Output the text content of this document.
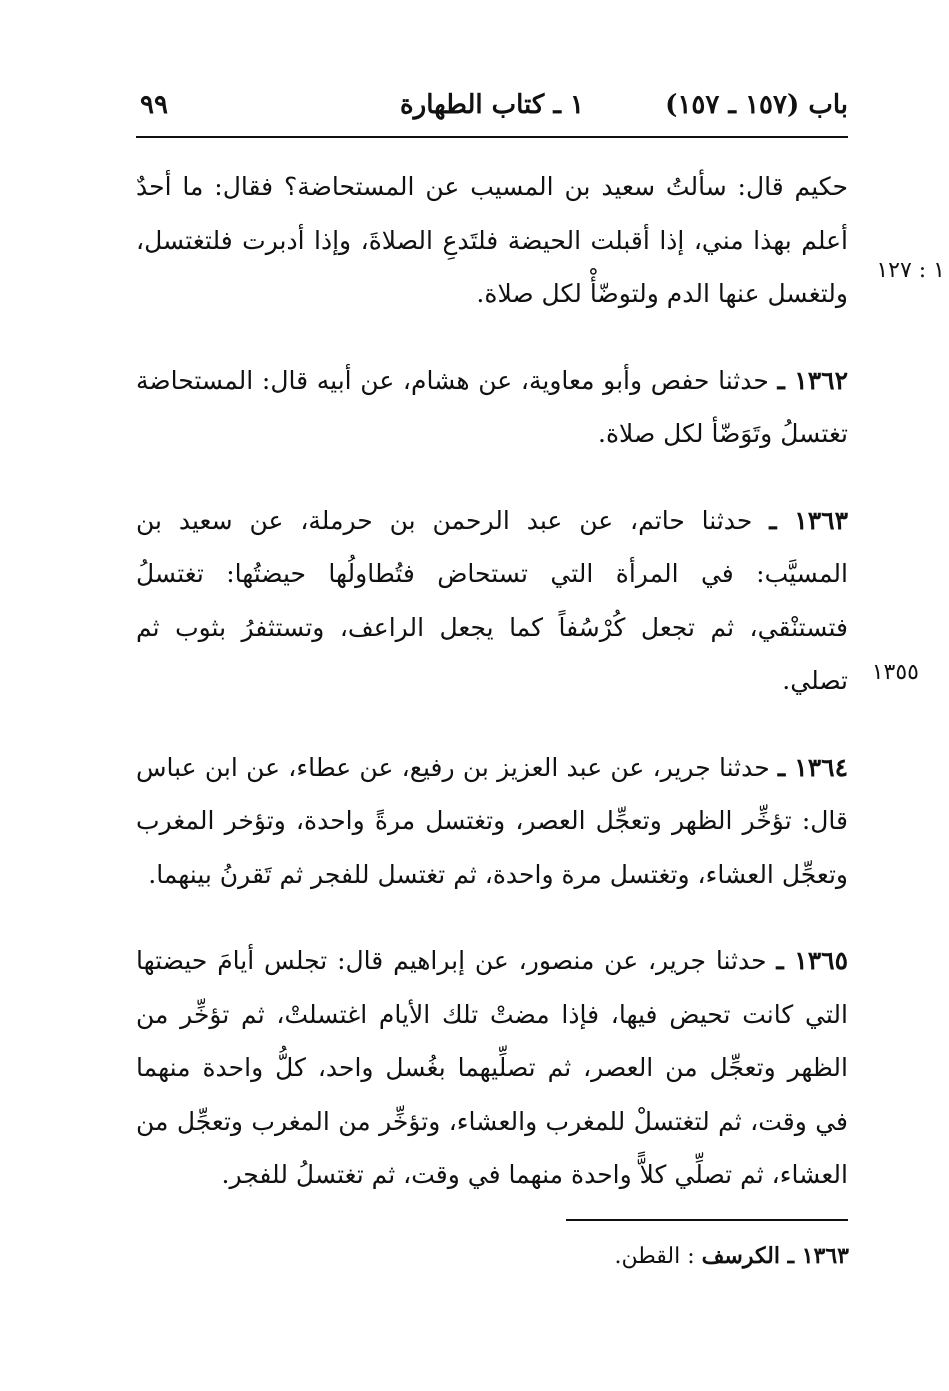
باب (١٥٧ ـ ١٥٧)
١ ـ كتاب الطهارة
٩٩
١ : ١٢٧
١٣٥٥

حكيم قال: سألتُ سعيد بن المسيب عن المستحاضة؟ فقال: ما أحدٌ أعلم بهذا مني، إذا أقبلت الحيضة فلتَدعِ الصلاةَ، وإذا أدبرت فلتغتسل، ولتغسل عنها الدم ولتوضّأْ لكل صلاة.

١٣٦٢ ـ حدثنا حفص وأبو معاوية، عن هشام، عن أبيه قال: المستحاضة تغتسلُ وتَوَضّأ لكل صلاة.

١٣٦٣ ـ حدثنا حاتم، عن عبد الرحمن بن حرملة، عن سعيد بن المسيَّب: في المرأة التي تستحاض فتُطاولُها حيضتُها: تغتسلُ فتستنْقي، ثم تجعل كُرْسُفاً كما يجعل الراعف، وتستثفرُ بثوب ثم تصلي.

١٣٦٤ ـ حدثنا جرير، عن عبد العزيز بن رفيع، عن عطاء، عن ابن عباس قال: تؤخِّر الظهر وتعجِّل العصر، وتغتسل مرةً واحدة، وتؤخر المغرب وتعجِّل العشاء، وتغتسل مرة واحدة، ثم تغتسل للفجر ثم تَقرنُ بينهما.

١٣٦٥ ـ حدثنا جرير، عن منصور، عن إبراهيم قال: تجلس أيامَ حيضتها التي كانت تحيض فيها، فإذا مضتْ تلك الأيام اغتسلتْ، ثم تؤخِّر من الظهر وتعجِّل من العصر، ثم تصلِّيهما بغُسل واحد، كلُّ واحدة منهما في وقت، ثم لتغتسلْ للمغرب والعشاء، وتؤخِّر من المغرب وتعجِّل من العشاء، ثم تصلِّي كلاًّ واحدة منهما في وقت، ثم تغتسلُ للفجر.

١٣٦٣ ـ الكرسف : القطن.
